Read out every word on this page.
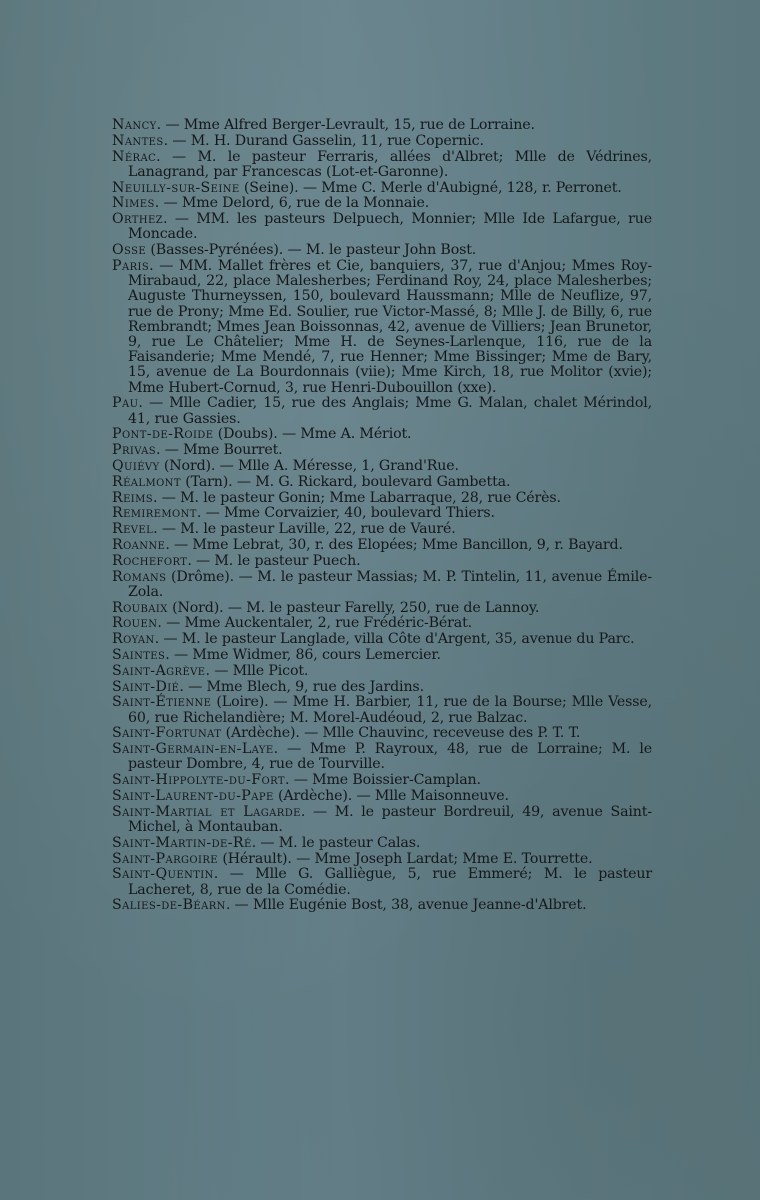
Nancy. — Mme Alfred Berger-Levrault, 15, rue de Lorraine.

Nantes. — M. H. Durand Gasselin, 11, rue Copernic.

Nérac. — M. le pasteur Ferraris, allées d'Albret; Mlle de Védrines, Lanagrand, par Francescas (Lot-et-Garonne).

Neuilly-sur-Seine (Seine). — Mme C. Merle d'Aubigné, 128, r. Perronet.

Nimes. — Mme Delord, 6, rue de la Monnaie.

Orthez. — MM. les pasteurs Delpuech, Monnier; Mlle Ide Lafargue, rue Moncade.

Osse (Basses-Pyrénées). — M. le pasteur John Bost.

Paris. — MM. Mallet frères et Cie, banquiers, 37, rue d'Anjou; Mmes Roy-Mirabaud, 22, place Malesherbes; Ferdinand Roy, 24, place Malesherbes; Auguste Thurneyssen, 150, boulevard Haussmann; Mlle de Neuflize, 97, rue de Prony; Mme Ed. Soulier, rue Victor-Massé, 8; Mlle J. de Billy, 6, rue Rembrandt; Mmes Jean Boissonnas, 42, avenue de Villiers; Jean Brunetor, 9, rue Le Châtelier; Mme H. de Seynes-Larlenque, 116, rue de la Faisanderie; Mme Mendé, 7, rue Henner; Mme Bissinger; Mme de Bary, 15, avenue de La Bourdonnais (viie); Mme Kirch, 18, rue Molitor (xvie); Mme Hubert-Cornud, 3, rue Henri-Dubouillon (xxe).

Pau. — Mlle Cadier, 15, rue des Anglais; Mme G. Malan, chalet Mérindol, 41, rue Gassies.

Pont-de-Roide (Doubs). — Mme A. Mériot.

Privas. — Mme Bourret.

Quiévy (Nord). — Mlle A. Méresse, 1, Grand'Rue.

Réalmont (Tarn). — M. G. Rickard, boulevard Gambetta.

Reims. — M. le pasteur Gonin; Mme Labarraque, 28, rue Cérès.

Remiremont. — Mme Corvaizier, 40, boulevard Thiers.

Revel. — M. le pasteur Laville, 22, rue de Vauré.

Roanne. — Mme Lebrat, 30, r. des Elopées; Mme Bancillon, 9, r. Bayard.

Rochefort. — M. le pasteur Puech.

Romans (Drôme). — M. le pasteur Massias; M. P. Tintelin, 11, avenue Émile-Zola.

Roubaix (Nord). — M. le pasteur Farelly, 250, rue de Lannoy.

Rouen. — Mme Auckentaler, 2, rue Frédéric-Bérat.

Royan. — M. le pasteur Langlade, villa Côte d'Argent, 35, avenue du Parc.

Saintes. — Mme Widmer, 86, cours Lemercier.

Saint-Agrève. — Mlle Picot.

Saint-Dié. — Mme Blech, 9, rue des Jardins.

Saint-Étienne (Loire). — Mme H. Barbier, 11, rue de la Bourse; Mlle Vesse, 60, rue Richelandière; M. Morel-Audéoud, 2, rue Balzac.

Saint-Fortunat (Ardèche). — Mlle Chauvinc, receveuse des P. T. T.

Saint-Germain-en-Laye. — Mme P. Rayroux, 48, rue de Lorraine; M. le pasteur Dombre, 4, rue de Tourville.

Saint-Hippolyte-du-Fort. — Mme Boissier-Camplan.

Saint-Laurent-du-Pape (Ardèche). — Mlle Maisonneuve.

Saint-Martial et Lagarde. — M. le pasteur Bordreuil, 49, avenue Saint-Michel, à Montauban.

Saint-Martin-de-Ré. — M. le pasteur Calas.

Saint-Pargoire (Hérault). — Mme Joseph Lardat; Mme E. Tourrette.

Saint-Quentin. — Mlle G. Galliègue, 5, rue Emmeré; M. le pasteur Lacheret, 8, rue de la Comédie.

Salies-de-Béarn. — Mlle Eugénie Bost, 38, avenue Jeanne-d'Albret.
